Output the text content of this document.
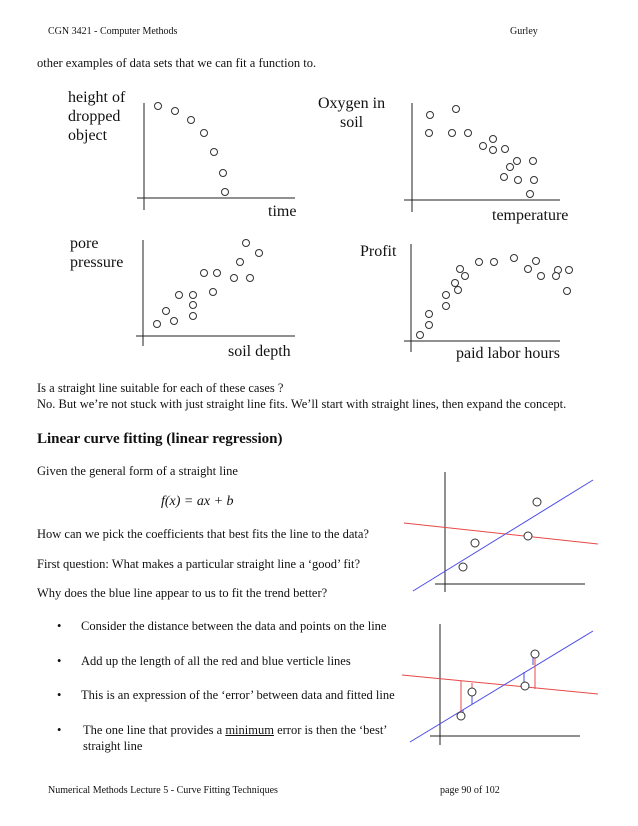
CGN 3421 - Computer Methods	Gurley
other examples of data sets that we can fit a function to.
height of
dropped
object
time
Oxygen in
soil
temperature
pore
pressure
soil depth
Profit
paid labor hours
Is a straight line suitable for each of these cases ?
No. But we’re not stuck with just straight line fits. We’ll start with straight lines, then expand the concept.
Linear curve fitting (linear regression)
Given the general form of a straight line
f(x) = ax + b
How can we pick the coefficients that best fits the line to the data?
First question: What makes a particular straight line a ‘good’ fit?
Why does the blue line appear to us to fit the trend better?
• Consider the distance between the data and points on the line
• Add up the length of all the red and blue verticle lines
• This is an expression of the ‘error’ between data and fitted line
• The one line that provides a minimum error is then the ‘best’
straight line
Numerical Methods Lecture 5 - Curve Fitting Techniques	page 90 of 102
